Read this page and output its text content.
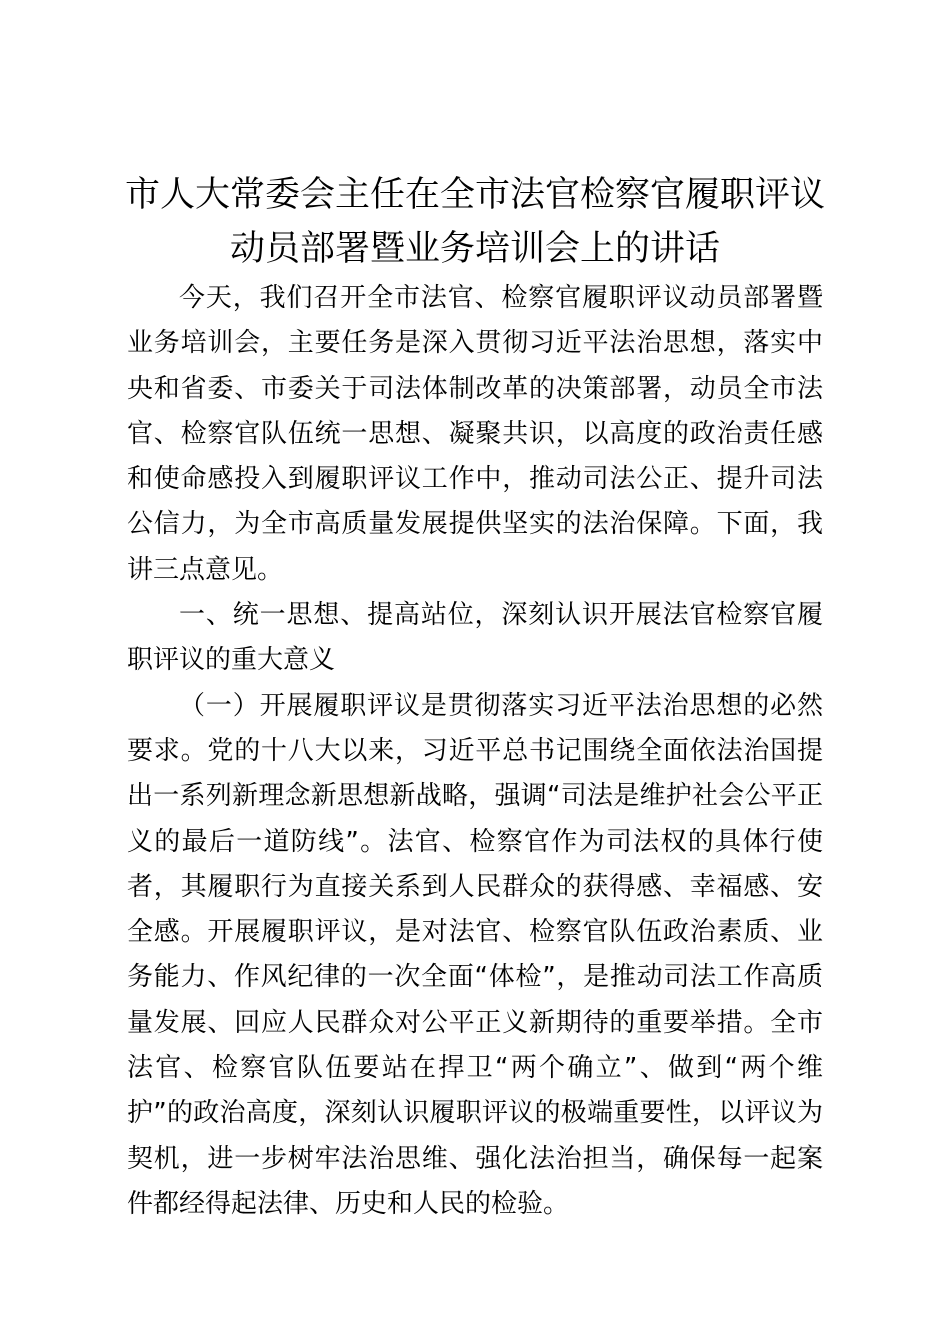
市人大常委会主任在全市法官检察官履职评议
动员部署暨业务培训会上的讲话

今天，我们召开全市法官、检察官履职评议动员部署暨业务培训会，主要任务是深入贯彻习近平法治思想，落实中央和省委、市委关于司法体制改革的决策部署，动员全市法官、检察官队伍统一思想、凝聚共识，以高度的政治责任感和使命感投入到履职评议工作中，推动司法公正、提升司法公信力，为全市高质量发展提供坚实的法治保障。下面，我讲三点意见。

一、统一思想、提高站位，深刻认识开展法官检察官履职评议的重大意义

（一）开展履职评议是贯彻落实习近平法治思想的必然要求。党的十八大以来，习近平总书记围绕全面依法治国提出一系列新理念新思想新战略，强调“司法是维护社会公平正义的最后一道防线”。法官、检察官作为司法权的具体行使者，其履职行为直接关系到人民群众的获得感、幸福感、安全感。开展履职评议，是对法官、检察官队伍政治素质、业务能力、作风纪律的一次全面“体检”，是推动司法工作高质量发展、回应人民群众对公平正义新期待的重要举措。全市法官、检察官队伍要站在捍卫“两个确立”、做到“两个维护”的政治高度，深刻认识履职评议的极端重要性，以评议为契机，进一步树牢法治思维、强化法治担当，确保每一起案件都经得起法律、历史和人民的检验。
